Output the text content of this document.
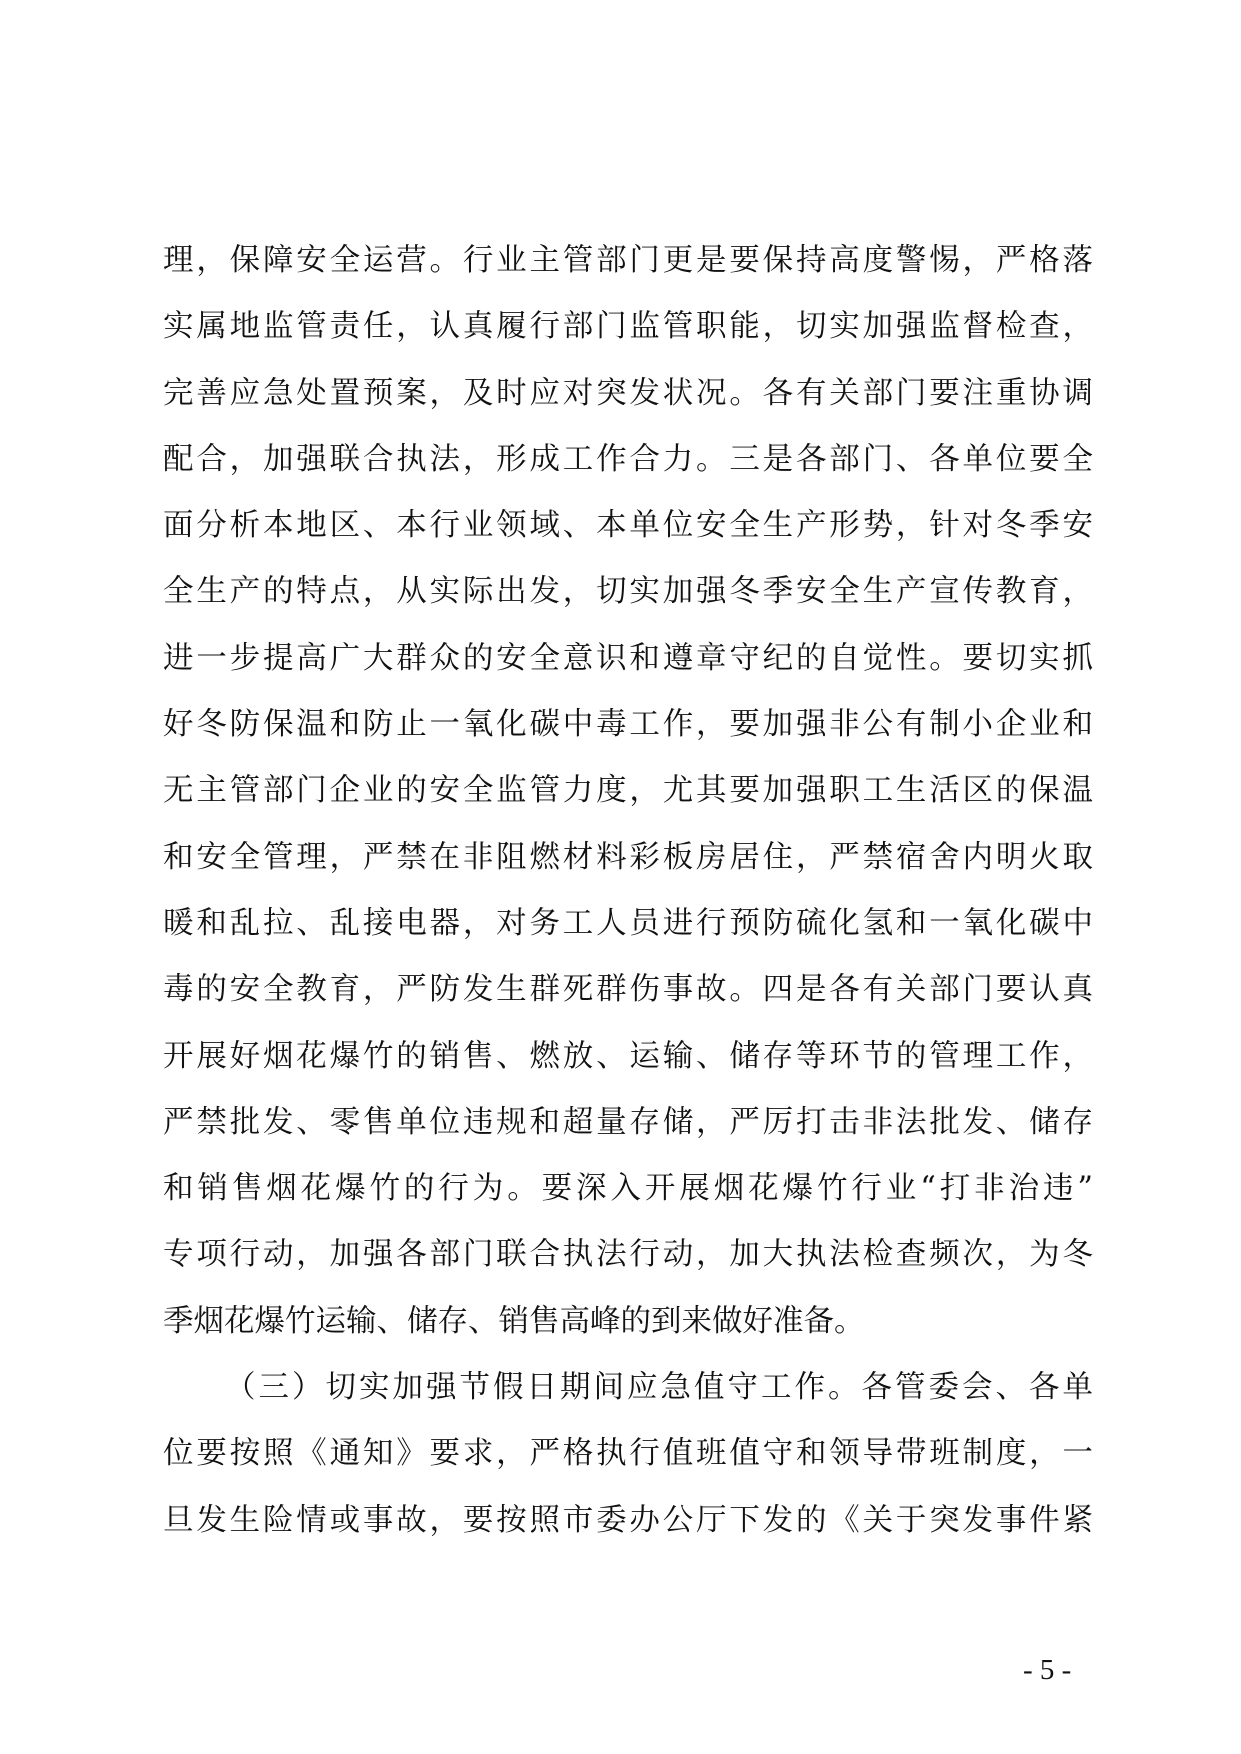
理，保障安全运营。行业主管部门更是要保持高度警惕，严格落
实属地监管责任，认真履行部门监管职能，切实加强监督检查，
完善应急处置预案，及时应对突发状况。各有关部门要注重协调
配合，加强联合执法，形成工作合力。三是各部门、各单位要全
面分析本地区、本行业领域、本单位安全生产形势，针对冬季安
全生产的特点，从实际出发，切实加强冬季安全生产宣传教育，
进一步提高广大群众的安全意识和遵章守纪的自觉性。要切实抓
好冬防保温和防止一氧化碳中毒工作，要加强非公有制小企业和
无主管部门企业的安全监管力度，尤其要加强职工生活区的保温
和安全管理，严禁在非阻燃材料彩板房居住，严禁宿舍内明火取
暖和乱拉、乱接电器，对务工人员进行预防硫化氢和一氧化碳中
毒的安全教育，严防发生群死群伤事故。四是各有关部门要认真
开展好烟花爆竹的销售、燃放、运输、储存等环节的管理工作，
严禁批发、零售单位违规和超量存储，严厉打击非法批发、储存
和销售烟花爆竹的行为。要深入开展烟花爆竹行业“打非治违”
专项行动，加强各部门联合执法行动，加大执法检查频次，为冬
季烟花爆竹运输、储存、销售高峰的到来做好准备。
（三）切实加强节假日期间应急值守工作。各管委会、各单
位要按照《通知》要求，严格执行值班值守和领导带班制度，一
旦发生险情或事故，要按照市委办公厅下发的《关于突发事件紧
- 5 -
